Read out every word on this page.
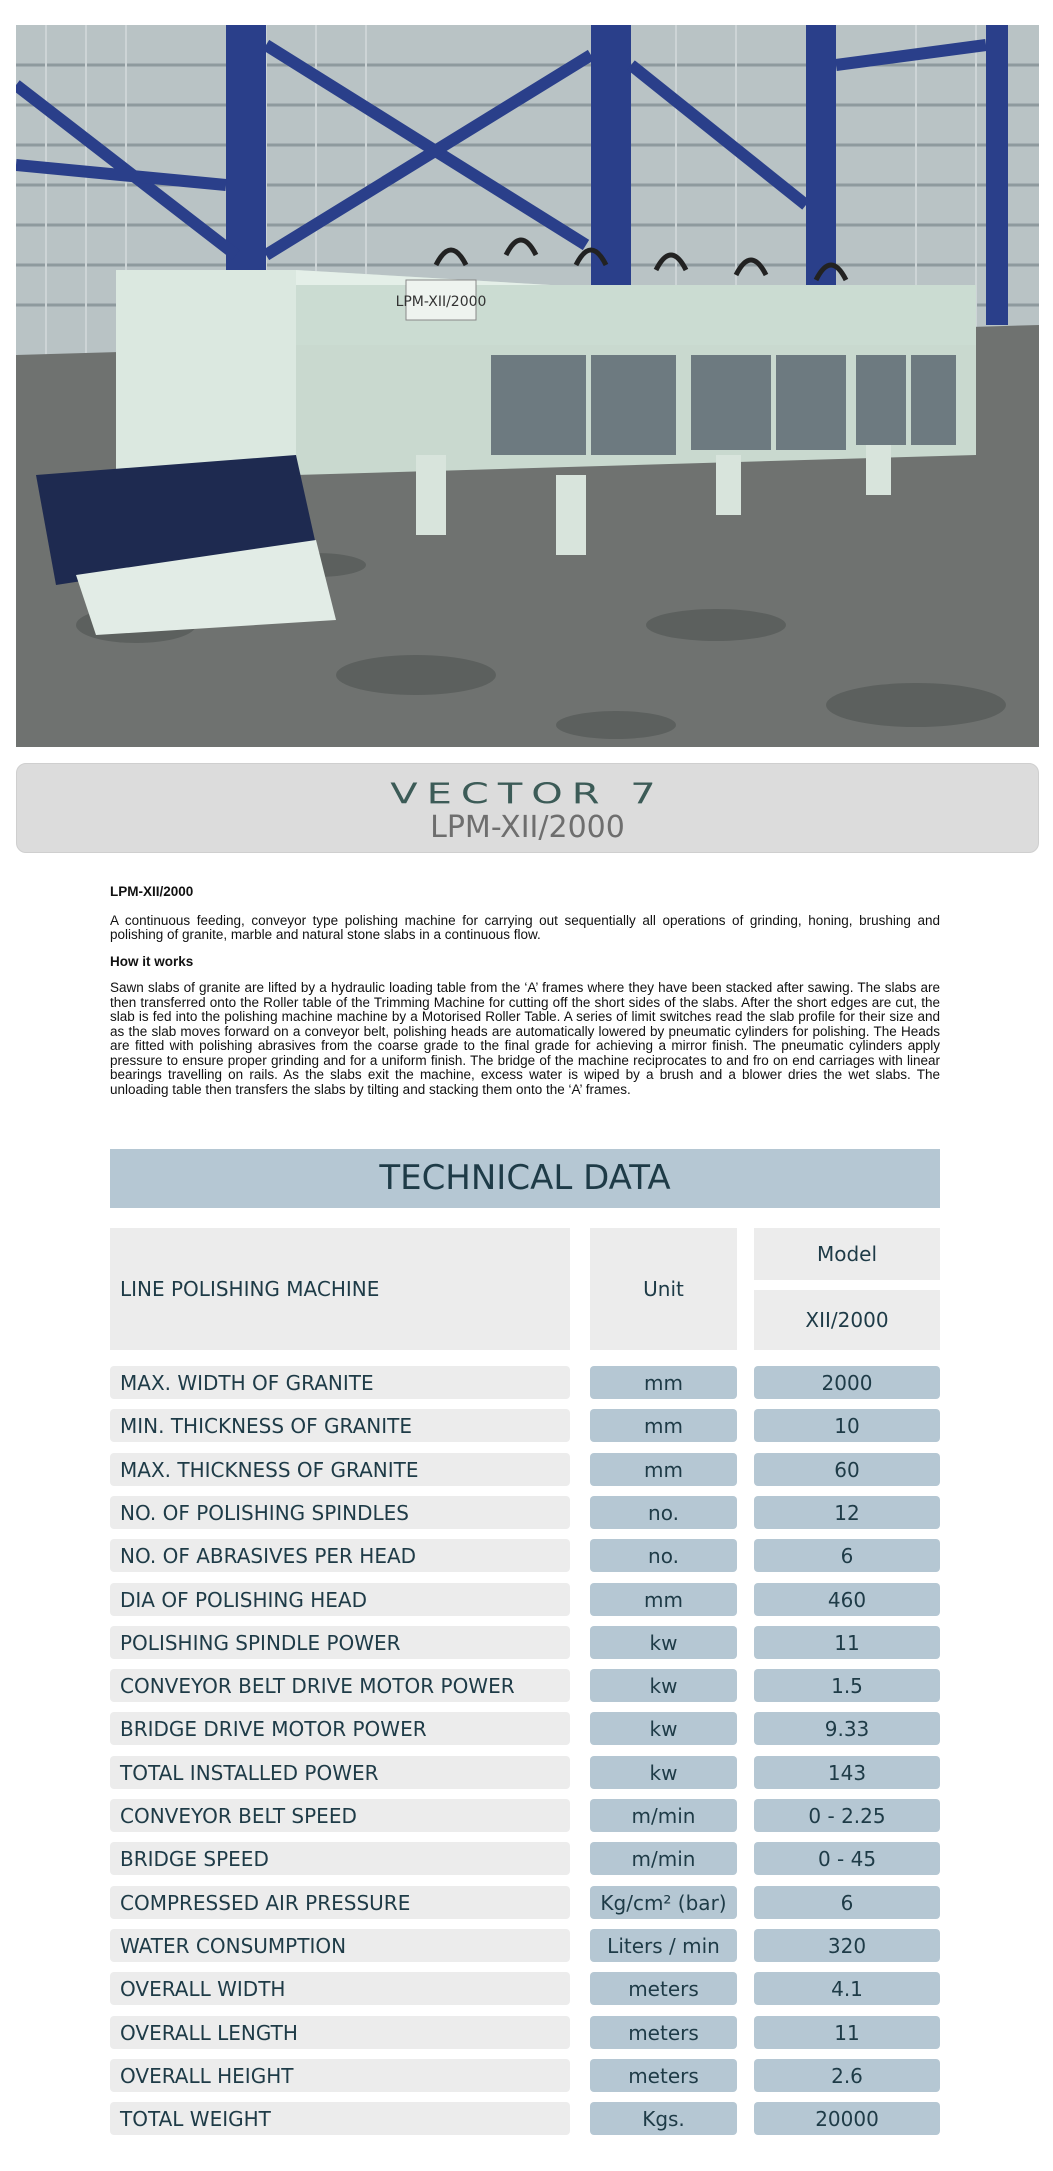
LPM-XII/2000
VECTOR 7
LPM-XII/2000
LPM-XII/2000

A continuous feeding, conveyor type polishing machine for carrying out sequentially all operations of grinding, honing, brushing and polishing of granite, marble and natural stone slabs in a continuous flow.

How it works

Sawn slabs of granite are lifted by a hydraulic loading table from the ‘A’ frames where they have been stacked after sawing. The slabs are then transferred onto the Roller table of the Trimming Machine for cutting off the short sides of the slabs. After the short edges are cut, the slab is fed into the polishing machine machine by a Motorised Roller Table. A series of limit switches read the slab profile for their size and as the slab moves forward on a conveyor belt, polishing heads are automatically lowered by pneumatic cylinders for polishing. The Heads are fitted with polishing abrasives from the coarse grade to the final grade for achieving a mirror finish. The pneumatic cylinders apply pressure to ensure proper grinding and for a uniform finish. The bridge of the machine reciprocates to and fro on end carriages with linear bearings travelling on rails. As the slabs exit the machine, excess water is wiped by a brush and a blower dries the wet slabs. The unloading table then transfers the slabs by tilting and stacking them onto the ‘A’ frames.

TECHNICAL DATA
LINE POLISHING MACHINE	Unit
Model
XII/2000
MAX. WIDTH OF GRANITE	mm	2000
MIN. THICKNESS OF GRANITE	mm	10
MAX. THICKNESS OF GRANITE	mm	60
NO. OF POLISHING SPINDLES	no.	12
NO. OF ABRASIVES PER HEAD	no.	6
DIA OF POLISHING HEAD	mm	460
POLISHING SPINDLE POWER	kw	11
CONVEYOR BELT DRIVE MOTOR POWER	kw	1.5
BRIDGE DRIVE MOTOR POWER	kw	9.33
TOTAL INSTALLED POWER	kw	143
CONVEYOR BELT SPEED	m/min	0 - 2.25
BRIDGE SPEED	m/min	0 - 45
COMPRESSED AIR PRESSURE	Kg/cm² (bar)	6
WATER CONSUMPTION	Liters / min	320
OVERALL WIDTH	meters	4.1
OVERALL LENGTH	meters	11
OVERALL HEIGHT	meters	2.6
TOTAL WEIGHT	Kgs.	20000
